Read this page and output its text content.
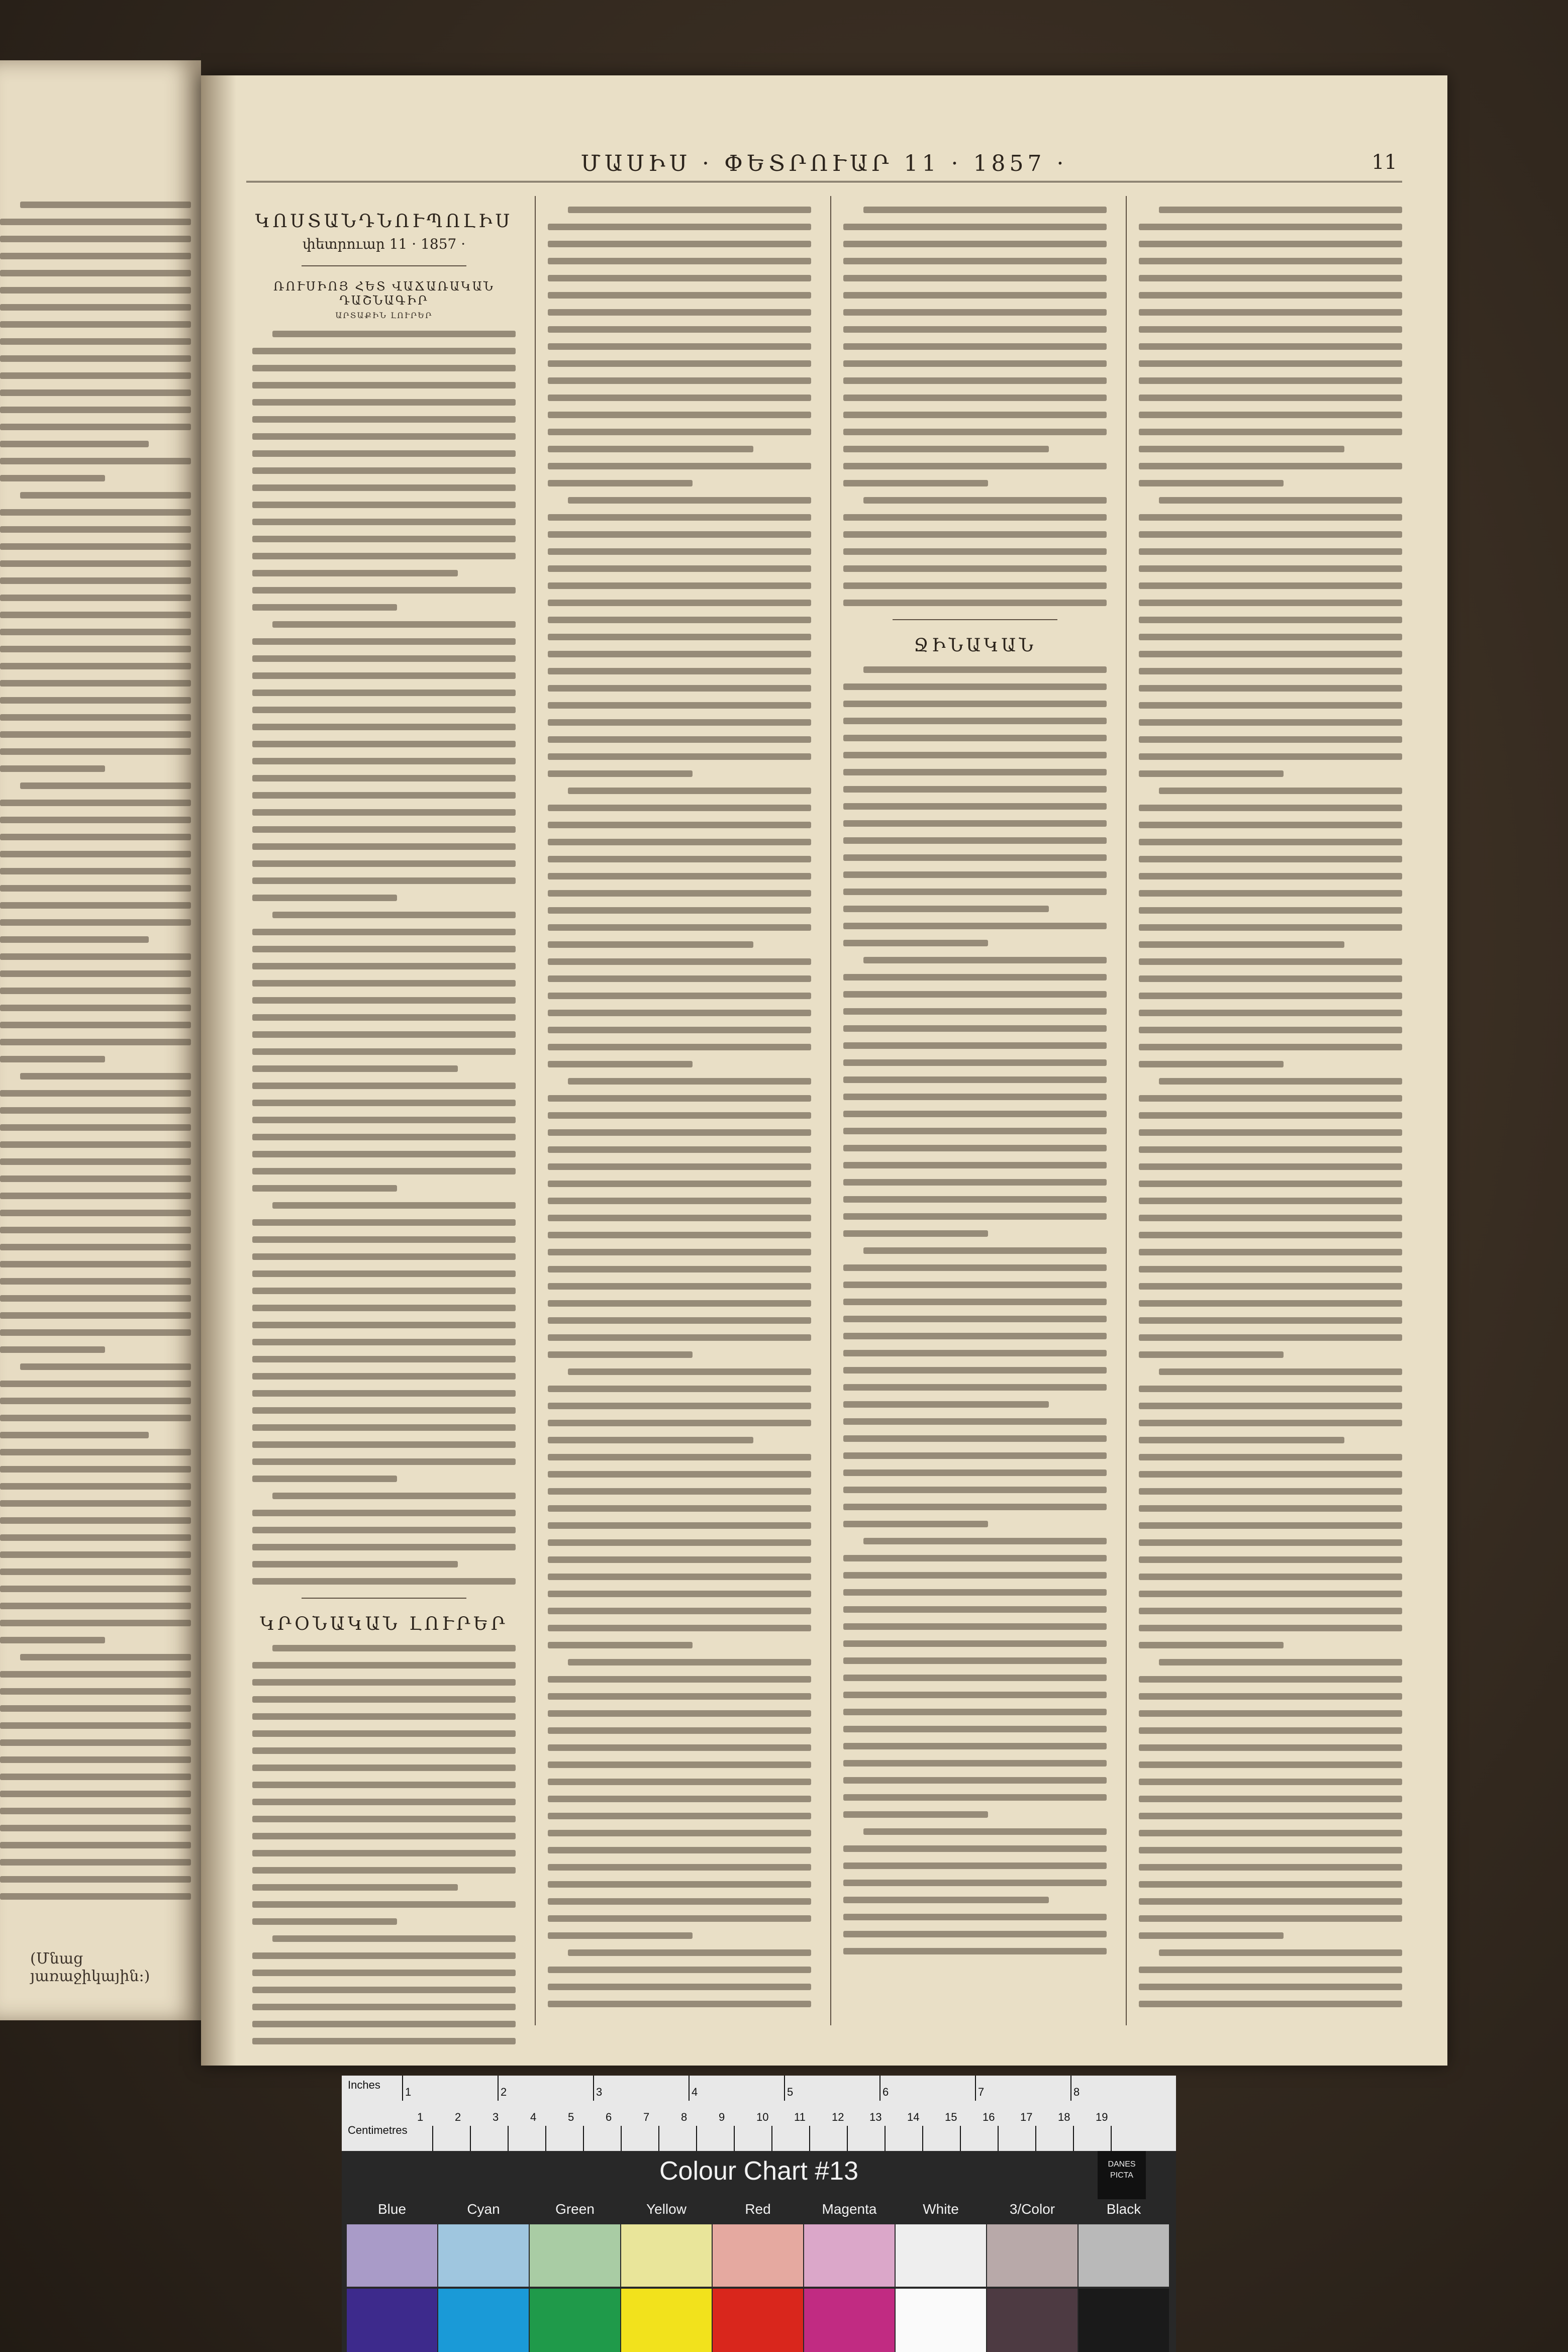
(Մնաց յառաջիկային։)
ՄԱՍԻՍ · ՓԵՏՐՈՒԱՐ 11 · 1857 ·	11
ԿՈՍՏԱՆԴՆՈՒՊՈԼԻՍ
փետրուար 11 · 1857 ·
ՌՈՒՍԻՈՅ ՀԵՏ ՎԱՃԱՌԱԿԱՆ ԴԱՇՆԱԳԻՐ
ԱՐՏԱՔԻՆ ԼՈՒՐԵՐ
ԿՐՕՆԱԿԱՆ ԼՈՒՐԵՐ
ՋԻՆԱԿԱՆ
Inches
Centimetres
1	2	3	4	5	6	7	8
1	2	3	4	5	6	7	8	9	10 11 12 13 14 15 16 17 18 19
Colour Chart #13	DANES PICTA
Blue	Cyan	Green	Yellow	Red	Magenta	White	3/Color	Black
